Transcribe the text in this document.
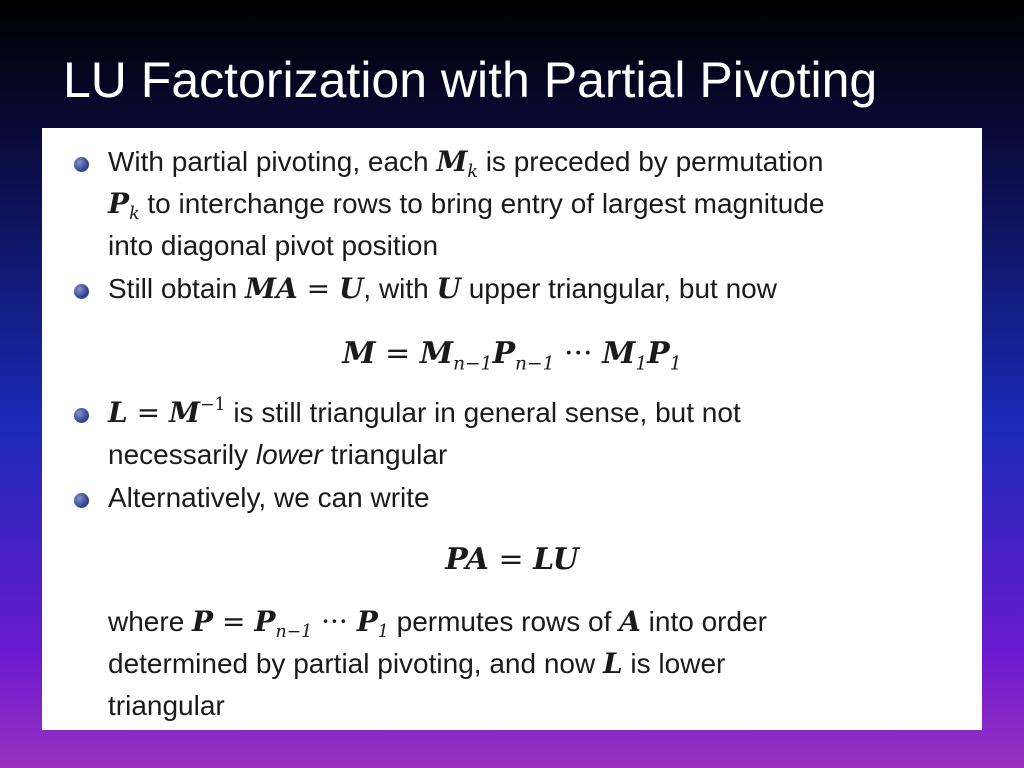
LU Factorization with Partial Pivoting
With partial pivoting, each $M_k$ is preceded by permutation
$P_k$ to interchange rows to bring entry of largest magnitude
into diagonal pivot position
Still obtain MA = U, with U upper triangular, but now
$M = M_{n-1}P_{n-1}$ ··· $M_1P_1$
$L = M^{-1}$ is still triangular in general sense, but not
necessarily lower triangular
Alternatively, we can write
PA = LU
where $P = P_{n-1}$ ··· $P_1$ permutes rows of A into order
determined by partial pivoting, and now L is lower
triangular
